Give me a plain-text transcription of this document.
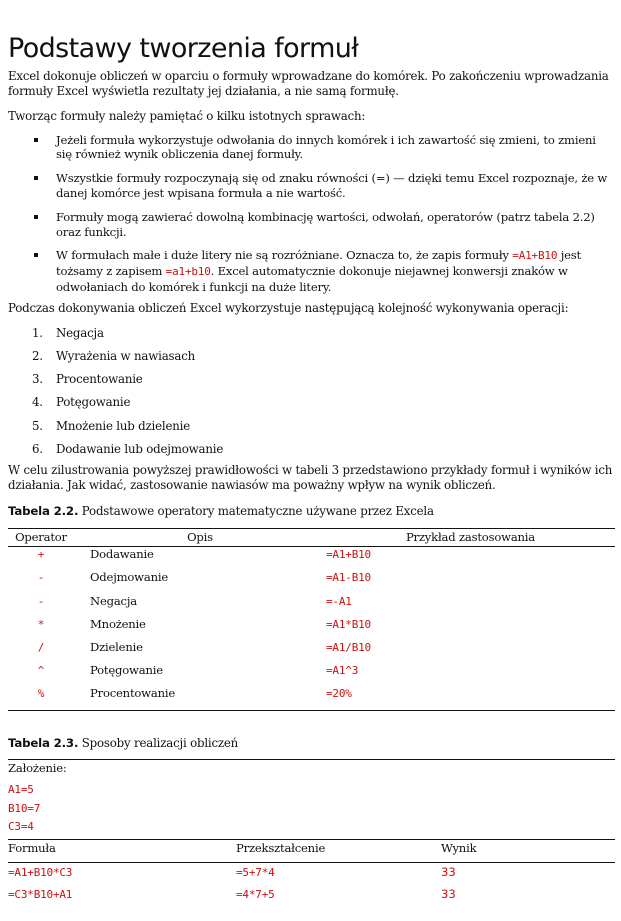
Podstawy tworzenia formuł

Excel dokonuje obliczeń w oparciu o formuły wprowadzane do komórek. Po zakończeniu wprowadzania formuły Excel wyświetla rezultaty jej działania, a nie samą formułę.

Tworząc formuły należy pamiętać o kilku istotnych sprawach:

Jeżeli formuła wykorzystuje odwołania do innych komórek i ich zawartość się zmieni, to zmieni się również wynik obliczenia danej formuły.
Wszystkie formuły rozpoczynają się od znaku równości (=) — dzięki temu Excel rozpoznaje, że w danej komórce jest wpisana formuła a nie wartość.
Formuły mogą zawierać dowolną kombinację wartości, odwołań, operatorów (patrz tabela 2.2) oraz funkcji.
W formułach małe i duże litery nie są rozróżniane. Oznacza to, że zapis formuły =A1+B10 jest tożsamy z zapisem =a1+b10. Excel automatycznie dokonuje niejawnej konwersji znaków w odwołaniach do komórek i funkcji na duże litery.

Podczas dokonywania obliczeń Excel wykorzystuje następującą kolejność wykonywania operacji:

1. Negacja
2. Wyrażenia w nawiasach
3. Procentowanie
4. Potęgowanie
5. Mnożenie lub dzielenie
6. Dodawanie lub odejmowanie

W celu zilustrowania powyższej prawidłowości w tabeli 3 przedstawiono przykłady formuł i wyników ich działania. Jak widać, zastosowanie nawiasów ma poważny wpływ na wynik obliczeń.

Tabela 2.2. Podstawowe operatory matematyczne używane przez Excela

Operator	Opis	Przykład zastosowania
+	Dodawanie	=A1+B10
-	Odejmowanie	=A1-B10
-	Negacja	=-A1
*	Mnożenie	=A1*B10
/	Dzielenie	=A1/B10
^	Potęgowanie	=A1^3
%	Procentowanie	=20%

Tabela 2.3. Sposoby realizacji obliczeń

Założenie:
A1=5
B10=7
C3=4
Formuła	Przekształcenie	Wynik
=A1+B10*C3	=5+7*4	33
=C3*B10+A1	=4*7+5	33
